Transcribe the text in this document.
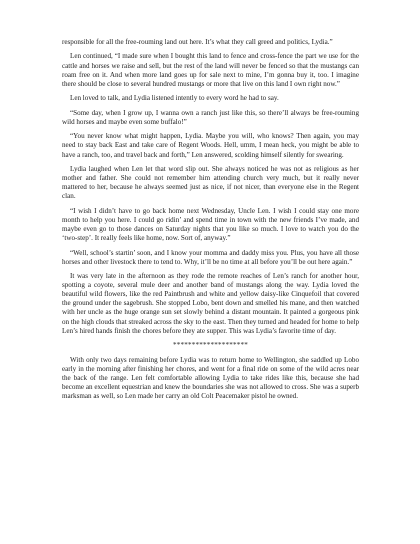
responsible for all the free-rouming land out here. It’s what they call greed and politics, Lydia.”

Len continued, “I made sure when I bought this land to fence and cross-fence the part we use for the cattle and horses we raise and sell, but the rest of the land will never be fenced so that the mustangs can roam free on it. And when more land goes up for sale next to mine, I’m gonna buy it, too. I imagine there should be close to several hundred mustangs or more that live on this land I own right now.”

Len loved to talk, and Lydia listened intently to every word he had to say.

“Some day, when I grow up, I wanna own a ranch just like this, so there’ll always be free-rouming wild horses and maybe even some buffalo!”

“You never know what might happen, Lydia. Maybe you will, who knows? Then again, you may need to stay back East and take care of Regent Woods. Hell, umm, I mean heck, you might be able to have a ranch, too, and travel back and forth,” Len answered, scolding himself silently for swearing.

Lydia laughed when Len let that word slip out. She always noticed he was not as religious as her mother and father. She could not remember him attending church very much, but it really never mattered to her, because he always seemed just as nice, if not nicer, than everyone else in the Regent clan.

“I wish I didn’t have to go back home next Wednesday, Uncle Len. I wish I could stay one more month to help you here. I could go ridin’ and spend time in town with the new friends I’ve made, and maybe even go to those dances on Saturday nights that you like so much. I love to watch you do the ‘two-step’. It really feels like home, now. Sort of, anyway.”

“Well, school’s startin’ soon, and I know your momma and daddy miss you. Plus, you have all those horses and other livestock there to tend to. Why, it’ll be no time at all before you’ll be out here again.”

It was very late in the afternoon as they rode the remote reaches of Len’s ranch for another hour, spotting a coyote, several mule deer and another band of mustangs along the way. Lydia loved the beautiful wild flowers, like the red Paintbrush and white and yellow daisy-like Cinquefoil that covered the ground under the sagebrush. She stopped Lobo, bent down and smelled his mane, and then watched with her uncle as the huge orange sun set slowly behind a distant mountain. It painted a gorgeous pink on the high clouds that streaked across the sky to the east. Then they turned and headed for home to help Len’s hired hands finish the chores before they ate supper. This was Lydia’s favorite time of day.

********************

With only two days remaining before Lydia was to return home to Wellington, she saddled up Lobo early in the morning after finishing her chores, and went for a final ride on some of the wild acres near the back of the range. Len felt comfortable allowing Lydia to take rides like this, because she had become an excellent equestrian and knew the boundaries she was not allowed to cross. She was a superb marksman as well, so Len made her carry an old Colt Peacemaker pistol he owned.
